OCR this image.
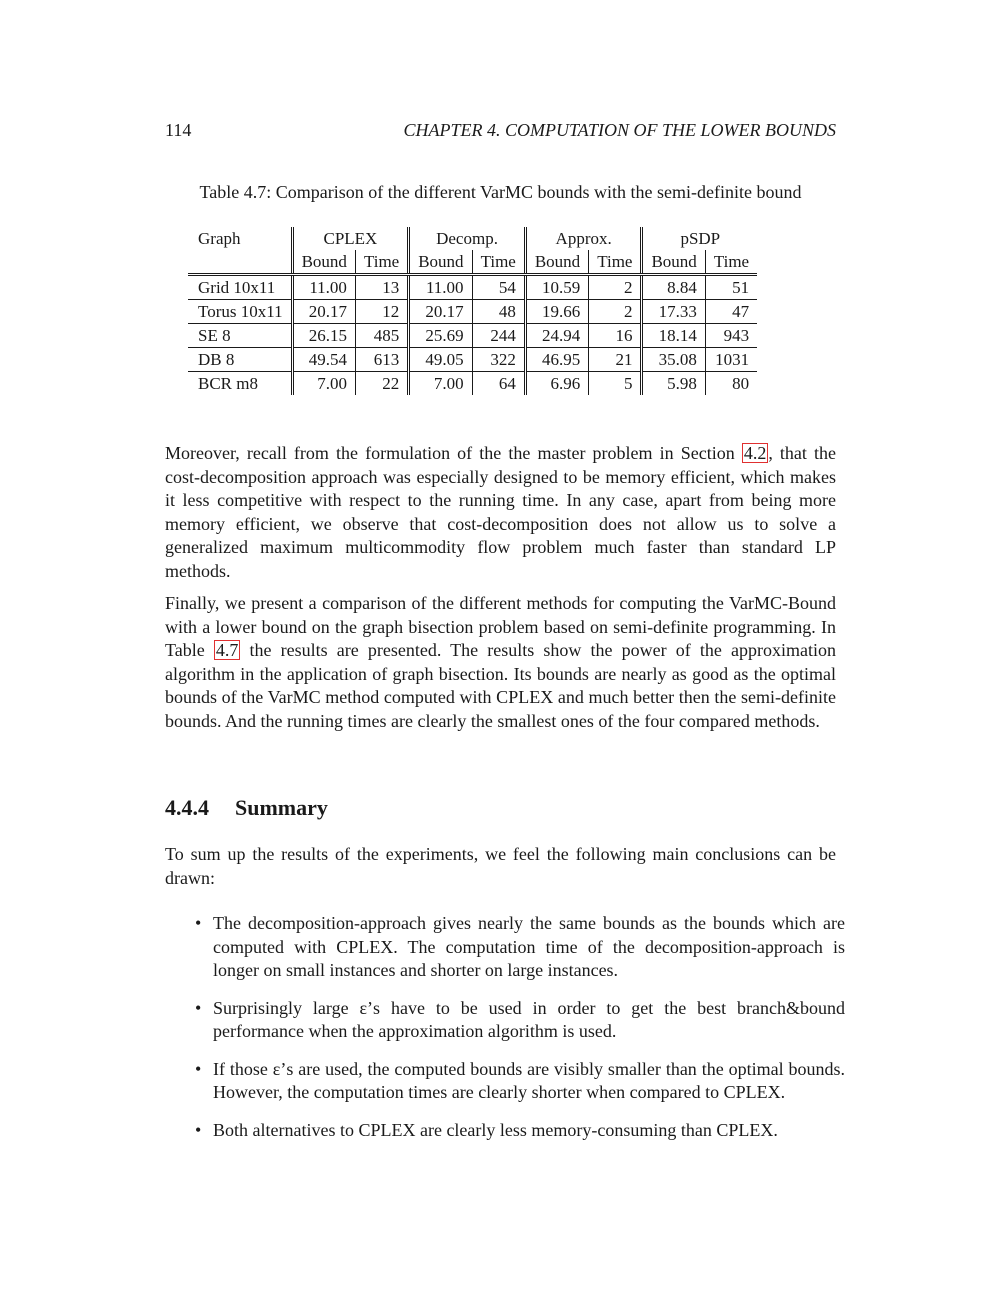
114	CHAPTER 4. COMPUTATION OF THE LOWER BOUNDS
Table 4.7: Comparison of the different VarMC bounds with the semi-definite bound
Graph	CPLEX		Decomp.		Approx.		pSDP	
	Bound	Time	Bound	Time	Bound	Time	Bound	Time
Grid 10x11	11.00	13	11.00	54	10.59	2	8.84	51
Torus 10x11	20.17	12	20.17	48	19.66	2	17.33	47
SE 8	26.15	485	25.69	244	24.94	16	18.14	943
DB 8	49.54	613	49.05	322	46.95	21	35.08	1031
BCR m8	7.00	22	7.00	64	6.96	5	5.98	80

Moreover, recall from the formulation of the the master problem in Section 4.2 , that the cost-decomposition approach was especially designed to be memory efficient, which makes it less competitive with respect to the running time. In any case, apart from being more memory efficient, we observe that cost-decomposition does not allow us to solve a generalized maximum multicommodity flow problem much faster than standard LP methods.

Finally, we present a comparison of the different methods for computing the VarMC-Bound with a lower bound on the graph bisection problem based on semi-definite programming. In Table 4.7 the results are presented. The results show the power of the approximation algorithm in the application of graph bisection. Its bounds are nearly as good as the optimal bounds of the VarMC method computed with CPLEX and much better then the semi-definite bounds. And the running times are clearly the smallest ones of the four compared methods.

4.4.4 Summary

To sum up the results of the experiments, we feel the following main conclusions can be drawn:

• The decomposition-approach gives nearly the same bounds as the bounds which are computed with CPLEX. The computation time of the decomposition-approach is longer on small instances and shorter on large instances.
• Surprisingly large ε’s have to be used in order to get the best branch&bound performance when the approximation algorithm is used.
• If those ε’s are used, the computed bounds are visibly smaller than the optimal bounds. However, the computation times are clearly shorter when compared to CPLEX.
• Both alternatives to CPLEX are clearly less memory-consuming than CPLEX.
